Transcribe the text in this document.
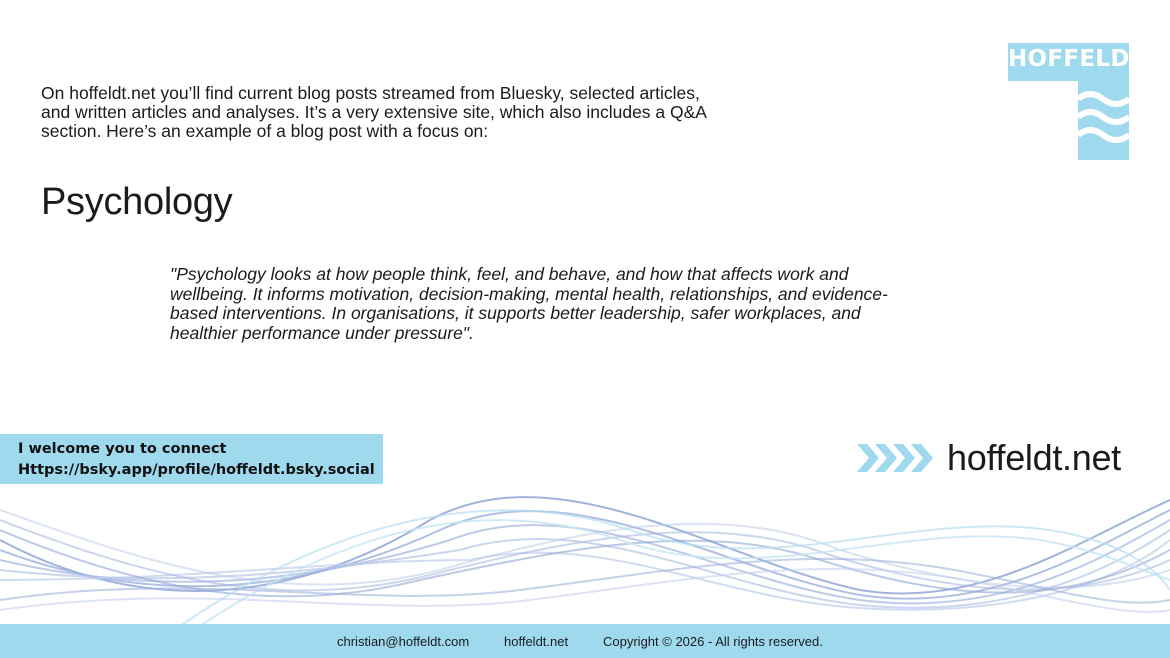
On hoffeldt.net you’ll find current blog posts streamed from Bluesky, selected articles,
and written articles and analyses. It’s a very extensive site, which also includes a Q&A
section. Here’s an example of a blog post with a focus on:
Psychology
"Psychology looks at how people think, feel, and behave, and how that affects work and
wellbeing. It informs motivation, decision-making, mental health, relationships, and evidence-
based interventions. In organisations, it supports better leadership, safer workplaces, and
healthier performance under pressure".
HOFFELDT
I welcome you to connect
Https://bsky.app/profile/hoffeldt.bsky.social	hoffeldt.net
christian@hoffeldt.com	hoffeldt.net	Copyright © 2026 - All rights reserved.
